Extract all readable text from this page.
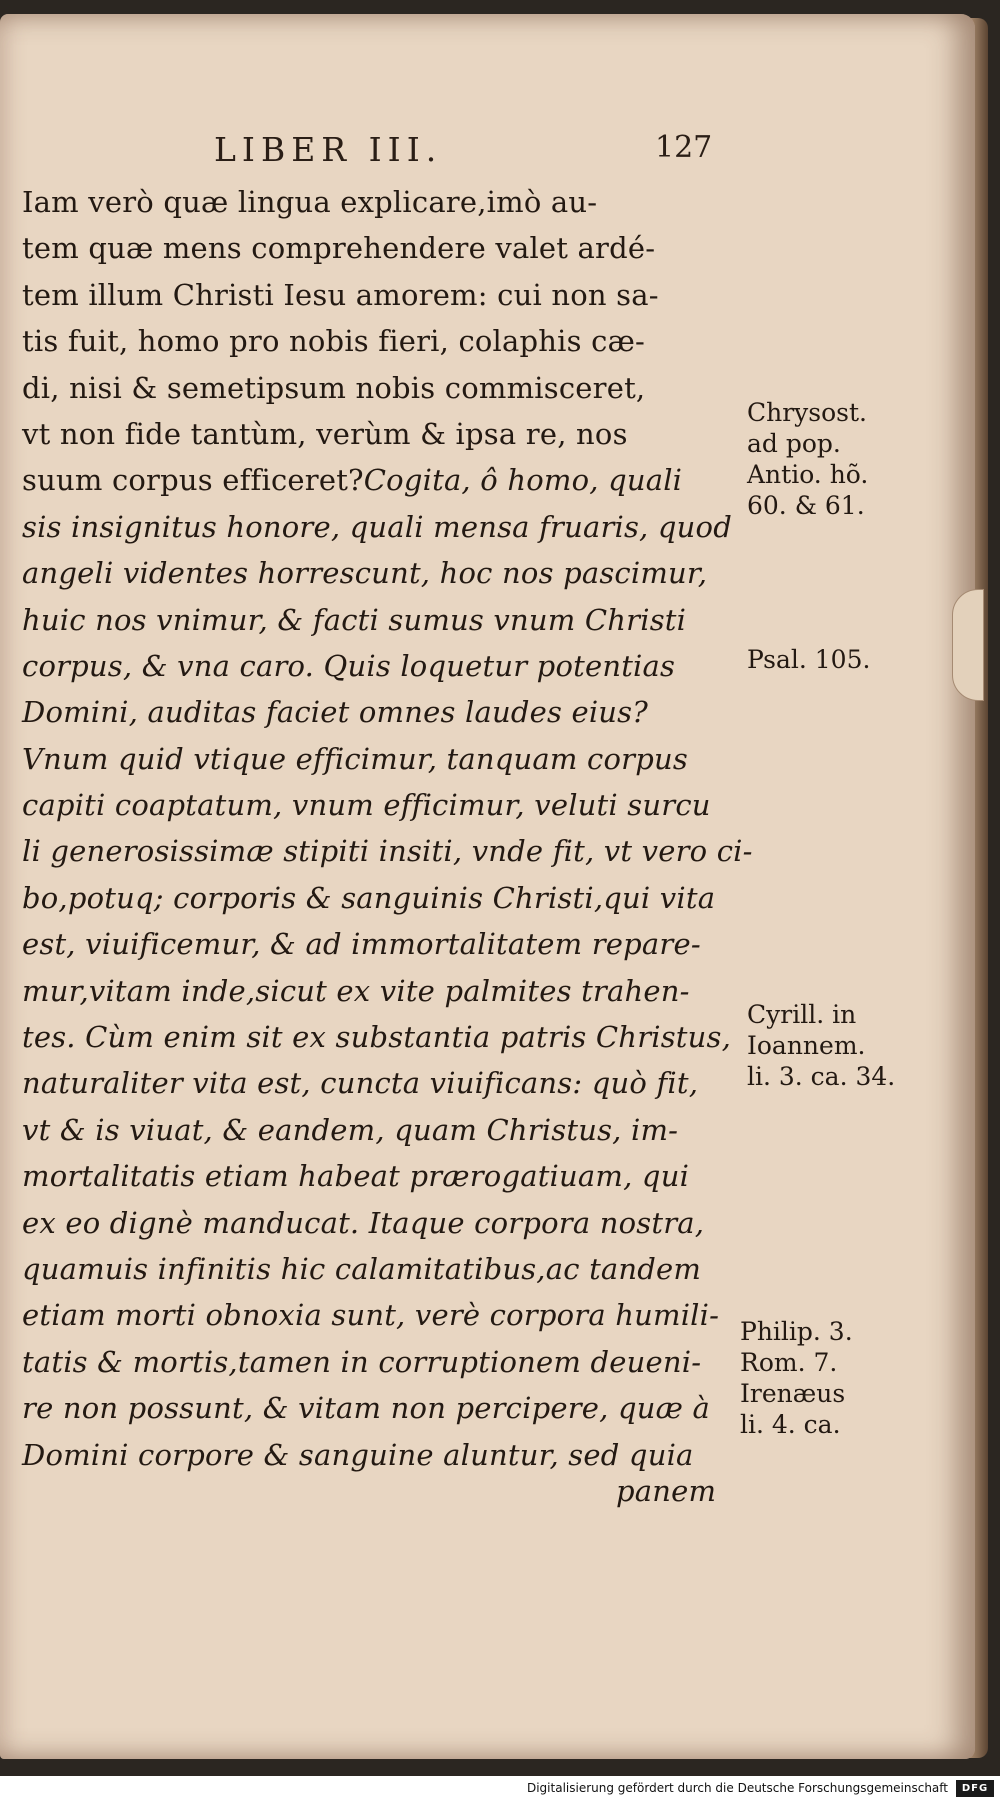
LIBER III.	127
Iam verò quæ lingua explicare,imò au-
tem quæ mens comprehendere valet ardé-
tem illum Christi Iesu amorem: cui non sa-
tis fuit, homo pro nobis fieri, colaphis cæ-
di, nisi & semetipsum nobis commisceret,
vt non fide tantùm, verùm & ipsa re, nos
suum corpus efficeret?Cogita, ô homo, quali
sis insignitus honore, quali mensa fruaris, quod
angeli videntes horrescunt, hoc nos pascimur,
huic nos vnimur, & facti sumus vnum Christi
corpus, & vna caro. Quis loquetur potentias
Domini, auditas faciet omnes laudes eius?
Vnum quid vtique efficimur, tanquam corpus
capiti coaptatum, vnum efficimur, veluti surcu
li generosissimæ stipiti insiti, vnde fit, vt vero ci-
bo,potuq; corporis & sanguinis Christi,qui vita
est, viuificemur, & ad immortalitatem repare-
mur,vitam inde,sicut ex vite palmites trahen-
tes. Cùm enim sit ex substantia patris Christus,
naturaliter vita est, cuncta viuificans: quò fit,
vt & is viuat, & eandem, quam Christus, im-
mortalitatis etiam habeat prærogatiuam, qui
ex eo dignè manducat. Itaque corpora nostra,
quamuis infinitis hic calamitatibus,ac tandem
etiam morti obnoxia sunt, verè corpora humili-
tatis & mortis,tamen in corruptionem deueni-
re non possunt, & vitam non percipere, quæ à
Domini corpore & sanguine aluntur, sed quia
Chrysost.
ad pop.
Antio. hõ.
60. & 61.
Psal. 105.
Cyrill. in
Ioannem.
li. 3. ca. 34.
Philip. 3.
Rom. 7.
Irenæus
li. 4. ca.
panem
Digitalisierung gefördert durch die Deutsche Forschungsgemeinschaft	DFG
